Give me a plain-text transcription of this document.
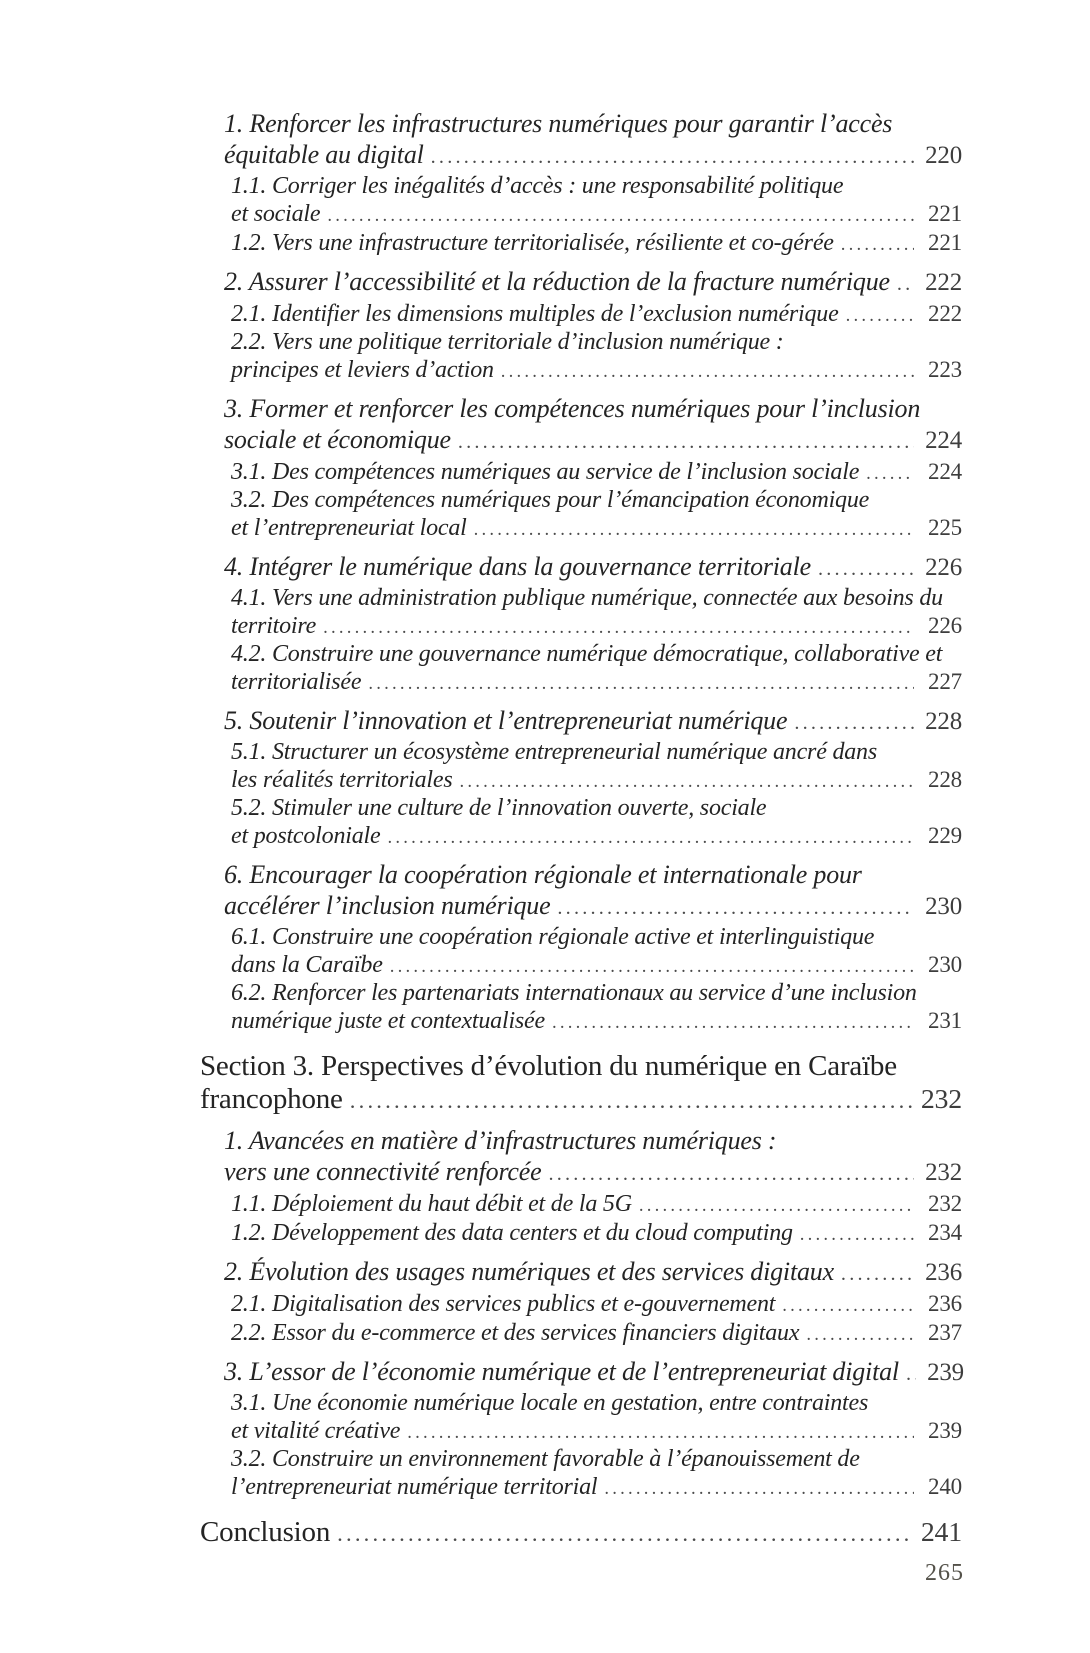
1. Renforcer les infrastructures numériques pour garantir l’accès
équitable au digital .....	220
1.1. Corriger les inégalités d’accès : une responsabilité politique
et sociale .....	221
1.2. Vers une infrastructure territorialisée, résiliente et co-gérée .....	221
2. Assurer l’accessibilité et la réduction de la fracture numérique ..... 222
2.1. Identifier les dimensions multiples de l’exclusion numérique .....	222
2.2. Vers une politique territoriale d’inclusion numérique :
principes et leviers d’action .....	223
3. Former et renforcer les compétences numériques pour l’inclusion
sociale et économique .....	224
3.1. Des compétences numériques au service de l’inclusion sociale .....	224
3.2. Des compétences numériques pour l’émancipation économique
et l’entrepreneuriat local .....	225
4. Intégrer le numérique dans la gouvernance territoriale .....	226
4.1. Vers une administration publique numérique, connectée aux besoins du
territoire .....	226
4.2. Construire une gouvernance numérique démocratique, collaborative et
territorialisée .....	227
5. Soutenir l’innovation et l’entrepreneuriat numérique .....	228
5.1. Structurer un écosystème entrepreneurial numérique ancré dans
les réalités territoriales .....	228
5.2. Stimuler une culture de l’innovation ouverte, sociale
et postcoloniale .....	229
6. Encourager la coopération régionale et internationale pour
accélérer l’inclusion numérique .....	230
6.1. Construire une coopération régionale active et interlinguistique
dans la Caraïbe .....	230
6.2. Renforcer les partenariats internationaux au service d’une inclusion
numérique juste et contextualisée .....	231
Section 3. Perspectives d’évolution du numérique en Caraïbe
francophone .....	232
1. Avancées en matière d’infrastructures numériques :
vers une connectivité renforcée .....	232
1.1. Déploiement du haut débit et de la 5G .....	232
1.2. Développement des data centers et du cloud computing .....	234
2. Évolution des usages numériques et des services digitaux .....	236
2.1. Digitalisation des services publics et e-gouvernement .....	236
2.2. Essor du e-commerce et des services financiers digitaux .....	237
3. L’essor de l’économie numérique et de l’entrepreneuriat digital ..... 239
3.1. Une économie numérique locale en gestation, entre contraintes
et vitalité créative .....	239
3.2. Construire un environnement favorable à l’épanouissement de
l’entrepreneuriat numérique territorial .....	240
Conclusion .....	241
265
